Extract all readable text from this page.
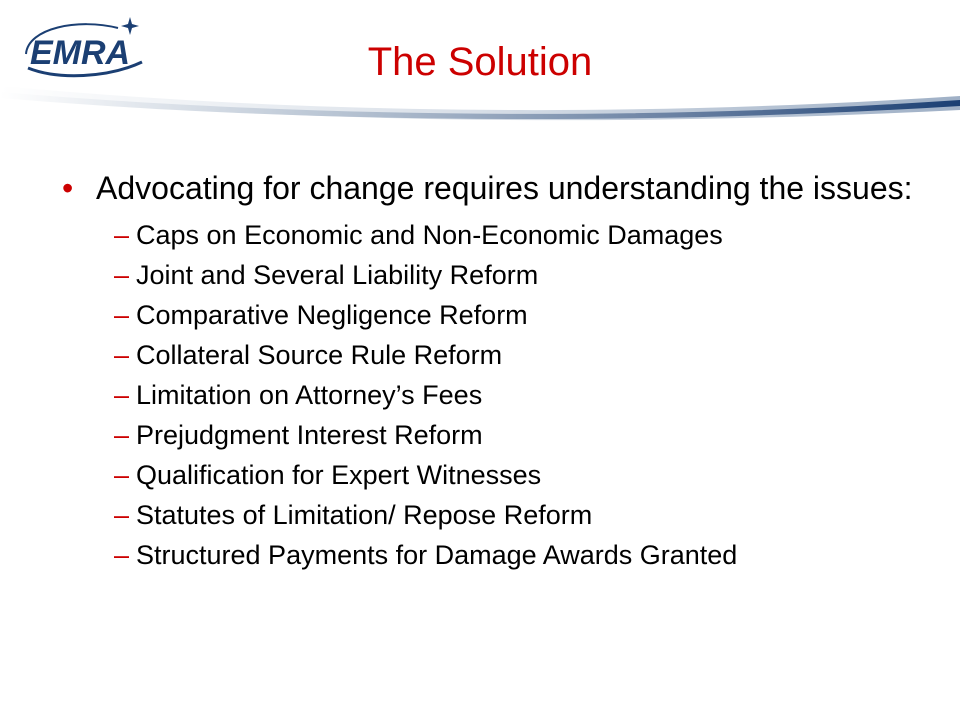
EMRA	The Solution
• Advocating for change requires understanding the issues:
– Caps on Economic and Non-Economic Damages
– Joint and Several Liability Reform
– Comparative Negligence Reform
– Collateral Source Rule Reform
– Limitation on Attorney’s Fees
– Prejudgment Interest Reform
– Qualification for Expert Witnesses
– Statutes of Limitation/ Repose Reform
– Structured Payments for Damage Awards Granted
